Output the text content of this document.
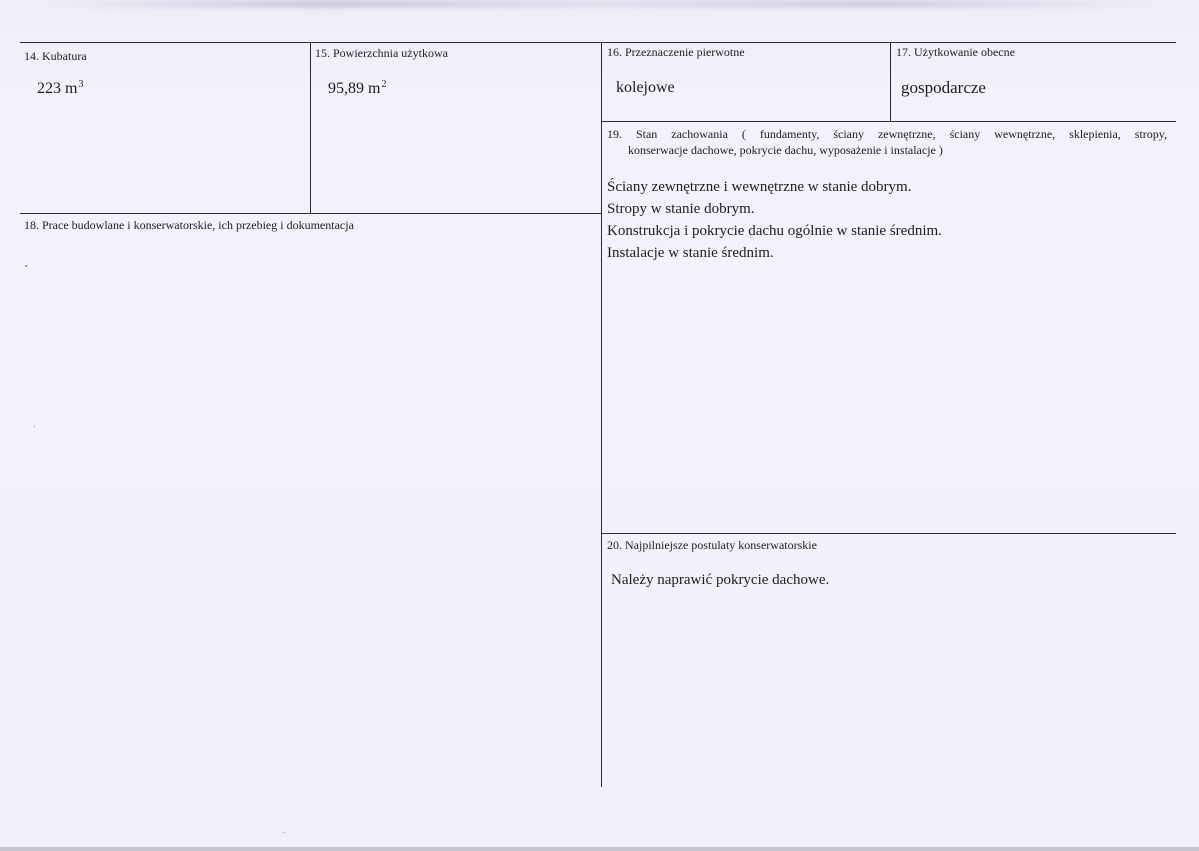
14. Kubatura
223 $m^3$
15. Powierzchnia użytkowa
95,89 $m^2$
16. Przeznaczenie pierwotne
kolejowe
17. Użytkowanie obecne
gospodarcze
18. Prace budowlane i konserwatorskie, ich przebieg i dokumentacja
19. Stan zachowania ( fundamenty, ściany zewnętrzne, ściany wewnętrzne, sklepienia, stropy,
konserwacje dachowe, pokrycie dachu, wyposażenie i instalacje )
Ściany zewnętrzne i wewnętrzne w stanie dobrym.
Stropy w stanie dobrym.
Konstrukcja i pokrycie dachu ogólnie w stanie średnim.
Instalacje w stanie średnim.
20. Najpilniejsze postulaty konserwatorskie
Należy naprawić pokrycie dachowe.
